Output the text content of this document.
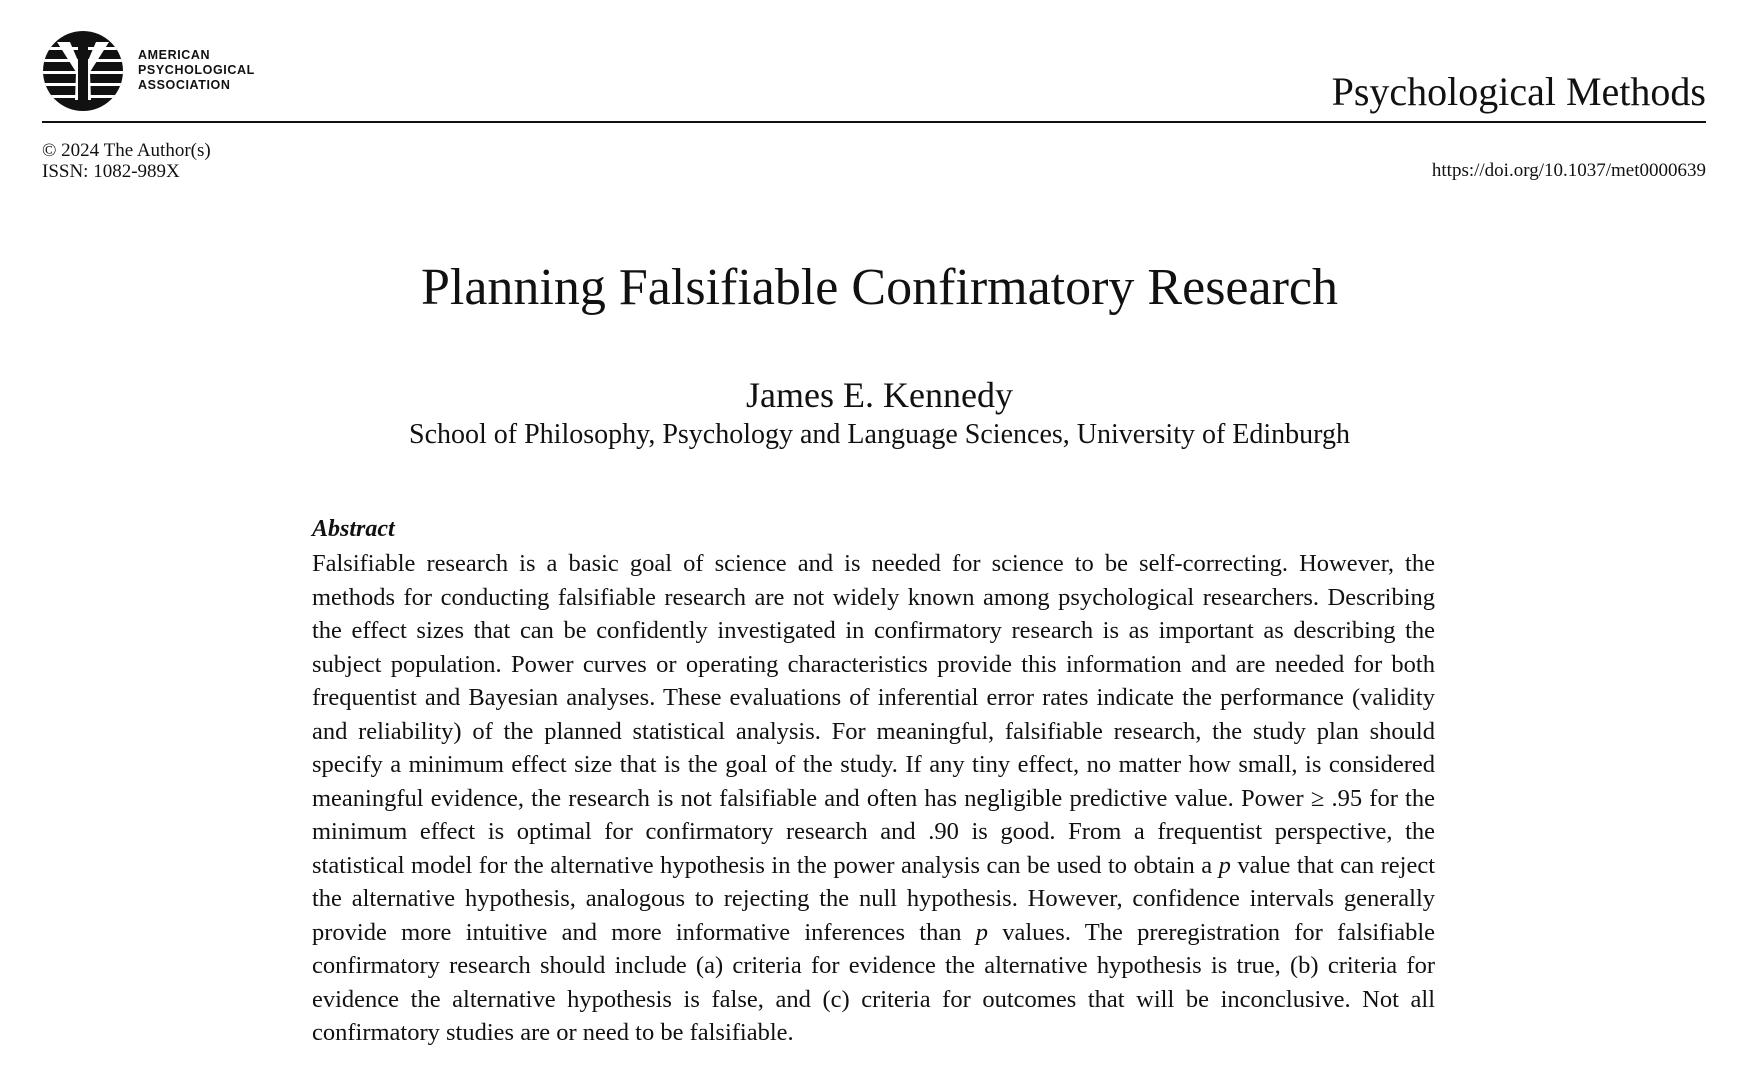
AMERICAN
PSYCHOLOGICAL
ASSOCIATION	Psychological Methods
© 2024 The Author(s)
ISSN: 1082-989X	https://doi.org/10.1037/met0000639
Planning Falsifiable Confirmatory Research
James E. Kennedy
School of Philosophy, Psychology and Language Sciences, University of Edinburgh
Abstract

Falsifiable research is a basic goal of science and is needed for science to be self-correcting. However, the methods for conducting falsifiable research are not widely known among psychological researchers. Describing the effect sizes that can be confidently investigated in confirmatory research is as important as describing the subject population. Power curves or operating characteristics provide this information and are needed for both frequentist and Bayesian analyses. These evaluations of inferential error rates indicate the performance (validity and reliability) of the planned statistical analysis. For meaningful, falsifiable research, the study plan should specify a minimum effect size that is the goal of the study. If any tiny effect, no matter how small, is considered meaningful evidence, the research is not falsifiable and often has negligible predictive value. Power ≥ .95 for the minimum effect is optimal for confirmatory research and .90 is good. From a frequentist perspective, the statistical model for the alternative hypothesis in the power analysis can be used to obtain a p value that can reject the alternative hypothesis, analogous to rejecting the null hypothesis. However, confidence intervals generally provide more intuitive and more informative inferences than p values. The preregistration for falsifiable confirmatory research should include (a) criteria for evidence the alternative hypothesis is true, (b) criteria for evidence the alternative hypothesis is false, and (c) criteria for outcomes that will be inconclusive. Not all confirmatory studies are or need to be falsifiable.
